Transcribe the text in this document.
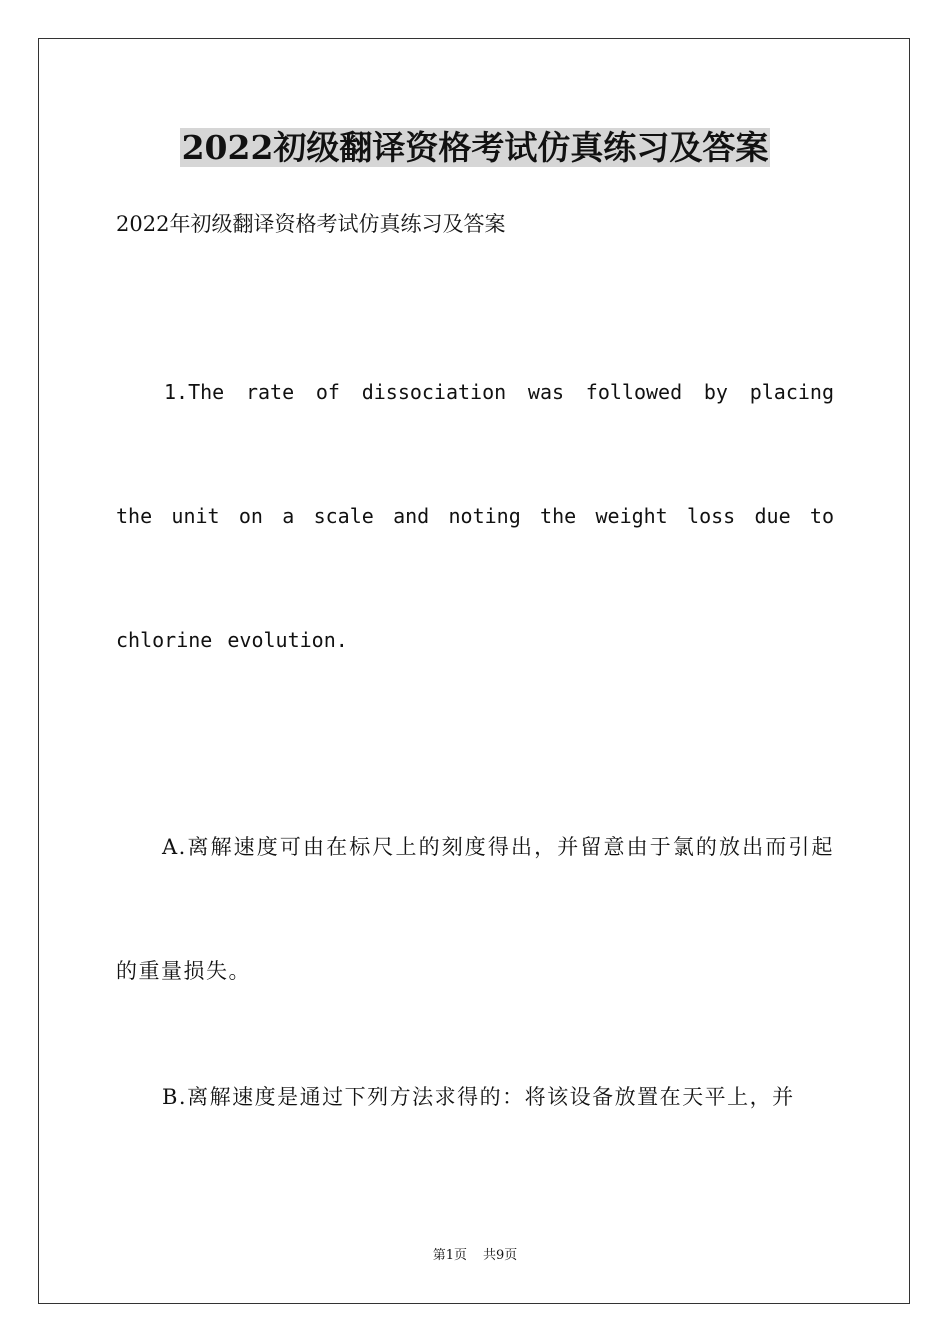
2022初级翻译资格考试仿真练习及答案

2022年初级翻译资格考试仿真练习及答案

1.The rate of dissociation was followed by placing the unit on a scale and noting the weight loss due to chlorine evolution.

A.离解速度可由在标尺上的刻度得出，并留意由于氯的放出而引起的重量损失。

B.离解速度是通过下列方法求得的：将该设备放置在天平上，并

第1页 共9页
